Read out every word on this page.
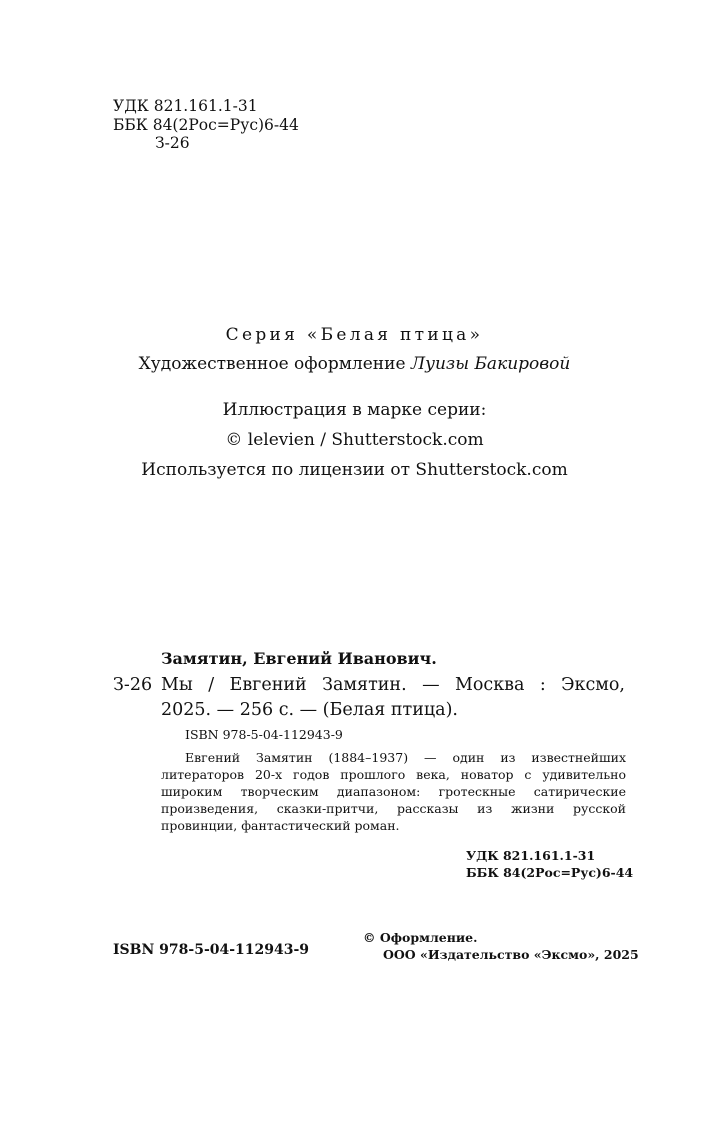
УДК 821.161.1-31
ББК 84(2Рос=Рус)6-44
З-26
Серия «Белая птица»
Художественное оформление Луизы Бакировой
Иллюстрация в марке серии:
© lelevien / Shutterstock.com
Используется по лицензии от Shutterstock.com
Замятин, Евгений Иванович.
З-26 Мы / Евгений Замятин. — Москва : Эксмо,
2025. — 256 с. — (Белая птица).
ISBN 978-5-04-112943-9
Евгений Замятин (1884–1937) — один из известнейших
литераторов 20-х годов прошлого века, новатор с удивительно
широким творческим диапазоном: гротескные сатирические
произведения, сказки-притчи, рассказы из жизни русской
провинции, фантастический роман.
УДК 821.161.1-31
ББК 84(2Рос=Рус)6-44
ISBN 978-5-04-112943-9
© Оформление.
ООО «Издательство «Эксмо», 2025
